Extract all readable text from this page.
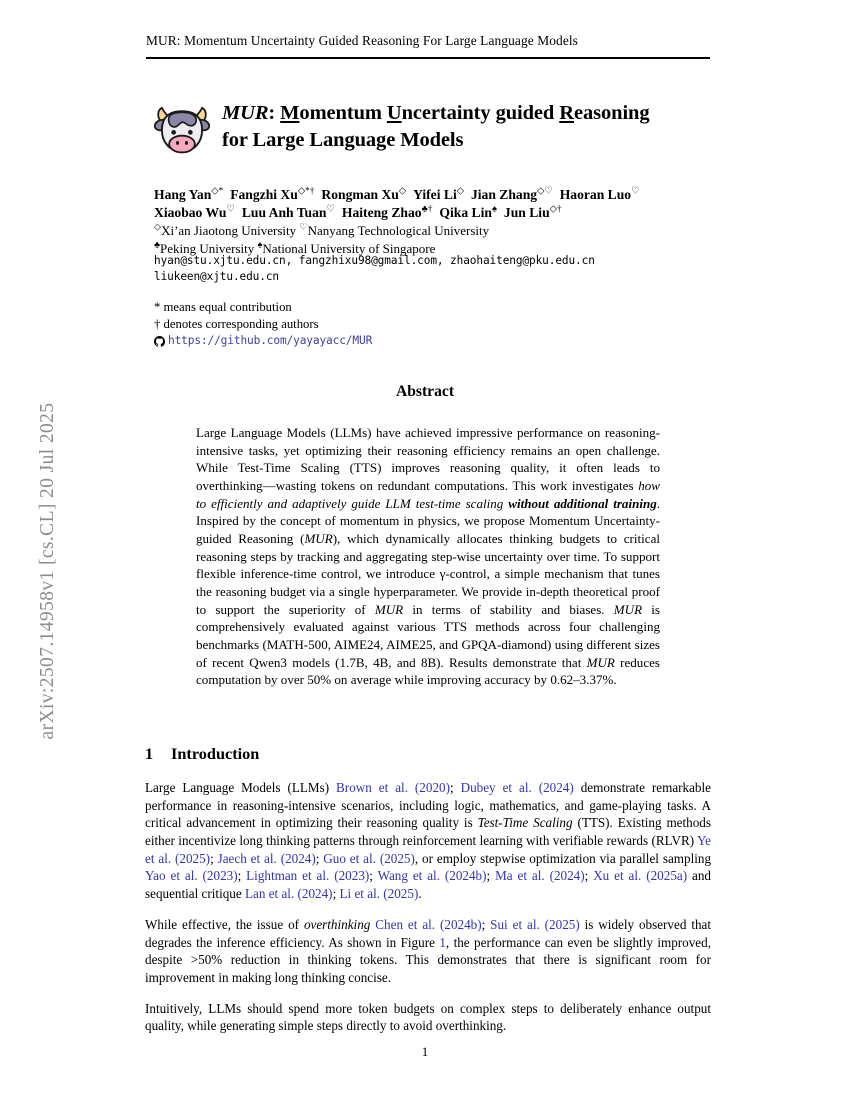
arXiv:2507.14958v1 [cs.CL] 20 Jul 2025
MUR: Momentum Uncertainty Guided Reasoning For Large Language Models
MUR: Momentum Uncertainty guided Reasoning
for Large Language Models
Hang Yan◇* Fangzhi Xu◇*† Rongman Xu◇ Yifei Li◇ Jian Zhang◇♡ Haoran Luo♡
Xiaobao Wu♡ Luu Anh Tuan♡ Haiteng Zhao♣† Qika Lin♠ Jun Liu◇†
◇Xi’an Jiaotong University ♡Nanyang Technological University
♣Peking University ♠National University of Singapore
hyan@stu.xjtu.edu.cn, fangzhixu98@gmail.com, zhaohaiteng@pku.edu.cn
liukeen@xjtu.edu.cn
* means equal contribution
† denotes corresponding authors
https://github.com/yayayacc/MUR
Abstract
Large Language Models (LLMs) have achieved impressive performance on reasoning-intensive tasks, yet optimizing their reasoning efficiency remains an open challenge. While Test-Time Scaling (TTS) improves reasoning quality, it often leads to overthinking—wasting tokens on redundant computations. This work investigates how to efficiently and adaptively guide LLM test-time scaling without additional training. Inspired by the concept of momentum in physics, we propose Momentum Uncertainty-guided Reasoning (MUR), which dynamically allocates thinking budgets to critical reasoning steps by tracking and aggregating step-wise uncertainty over time. To support flexible inference-time control, we introduce γ-control, a simple mechanism that tunes the reasoning budget via a single hyperparameter. We provide in-depth theoretical proof to support the superiority of MUR in terms of stability and biases. MUR is comprehensively evaluated against various TTS methods across four challenging benchmarks (MATH-500, AIME24, AIME25, and GPQA-diamond) using different sizes of recent Qwen3 models (1.7B, 4B, and 8B). Results demonstrate that MUR reduces computation by over 50% on average while improving accuracy by 0.62–3.37%.
1 Introduction

Large Language Models (LLMs) Brown et al. (2020); Dubey et al. (2024) demonstrate remarkable performance in reasoning-intensive scenarios, including logic, mathematics, and game-playing tasks. A critical advancement in optimizing their reasoning quality is Test-Time Scaling (TTS). Existing methods either incentivize long thinking patterns through reinforcement learning with verifiable rewards (RLVR) Ye et al. (2025); Jaech et al. (2024); Guo et al. (2025), or employ stepwise optimization via parallel sampling Yao et al. (2023); Lightman et al. (2023); Wang et al. (2024b); Ma et al. (2024); Xu et al. (2025a) and sequential critique Lan et al. (2024); Li et al. (2025).

While effective, the issue of overthinking Chen et al. (2024b); Sui et al. (2025) is widely observed that degrades the inference efficiency. As shown in Figure 1, the performance can even be slightly improved, despite >50% reduction in thinking tokens. This demonstrates that there is significant room for improvement in making long thinking concise.

Intuitively, LLMs should spend more token budgets on complex steps to deliberately enhance output quality, while generating simple steps directly to avoid overthinking.

1
